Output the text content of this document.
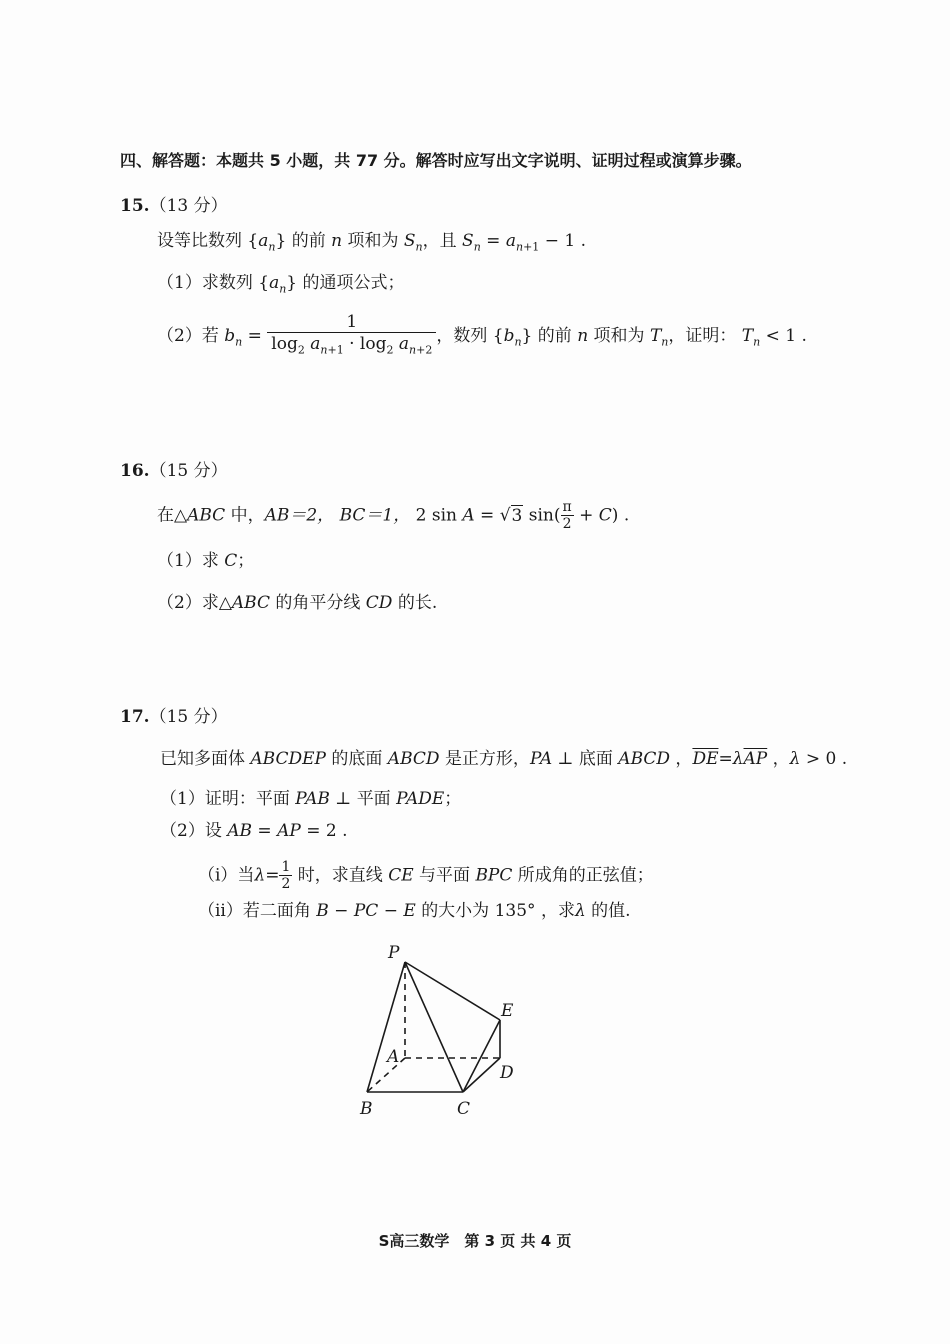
四、解答题：本题共 5 小题，共 77 分。解答时应写出文字说明、证明过程或演算步骤。
15.（13 分）
设等比数列 $\{a_n\}$ 的前 n 项和为 $S_n$，且 $S_n = a_{n+1} - 1$ .
（1）求数列 $\{a_n\}$ 的通项公式；
（2）若 $b_n = \frac{1}{\log_2 a_{n+1} \cdot \log_2 a_{n+2}}$ ，数列 $\{b_n\}$ 的前 n 项和为 $T_n$，证明： $T_n < 1$ .
16.（15 分）
在△ABC 中，AB＝2， BC＝1， 2 sin A = √3 $\sin( \frac{\pi}{2} + C)$ .
（1）求 C；
（2）求△ABC 的角平分线 CD 的长.
17.（15 分）
已知多面体 ABCDEP 的底面 ABCD 是正方形，PA ⊥ 底面 ABCD ，$\overline{DE}=\lambda\overline{AP}$ ，λ > 0 .
（1）证明：平面 PAB ⊥ 平面 PADE；
（2）设 AB = AP = 2 .
（i）当$\lambda= \frac{1}{2}$ 时，求直线 CE 与平面 BPC 所成角的正弦值；
（ii）若二面角 B − PC − E 的大小为 135° ，求λ 的值.
P
A
B	C
D
E
S高三数学　第 3 页 共 4 页
